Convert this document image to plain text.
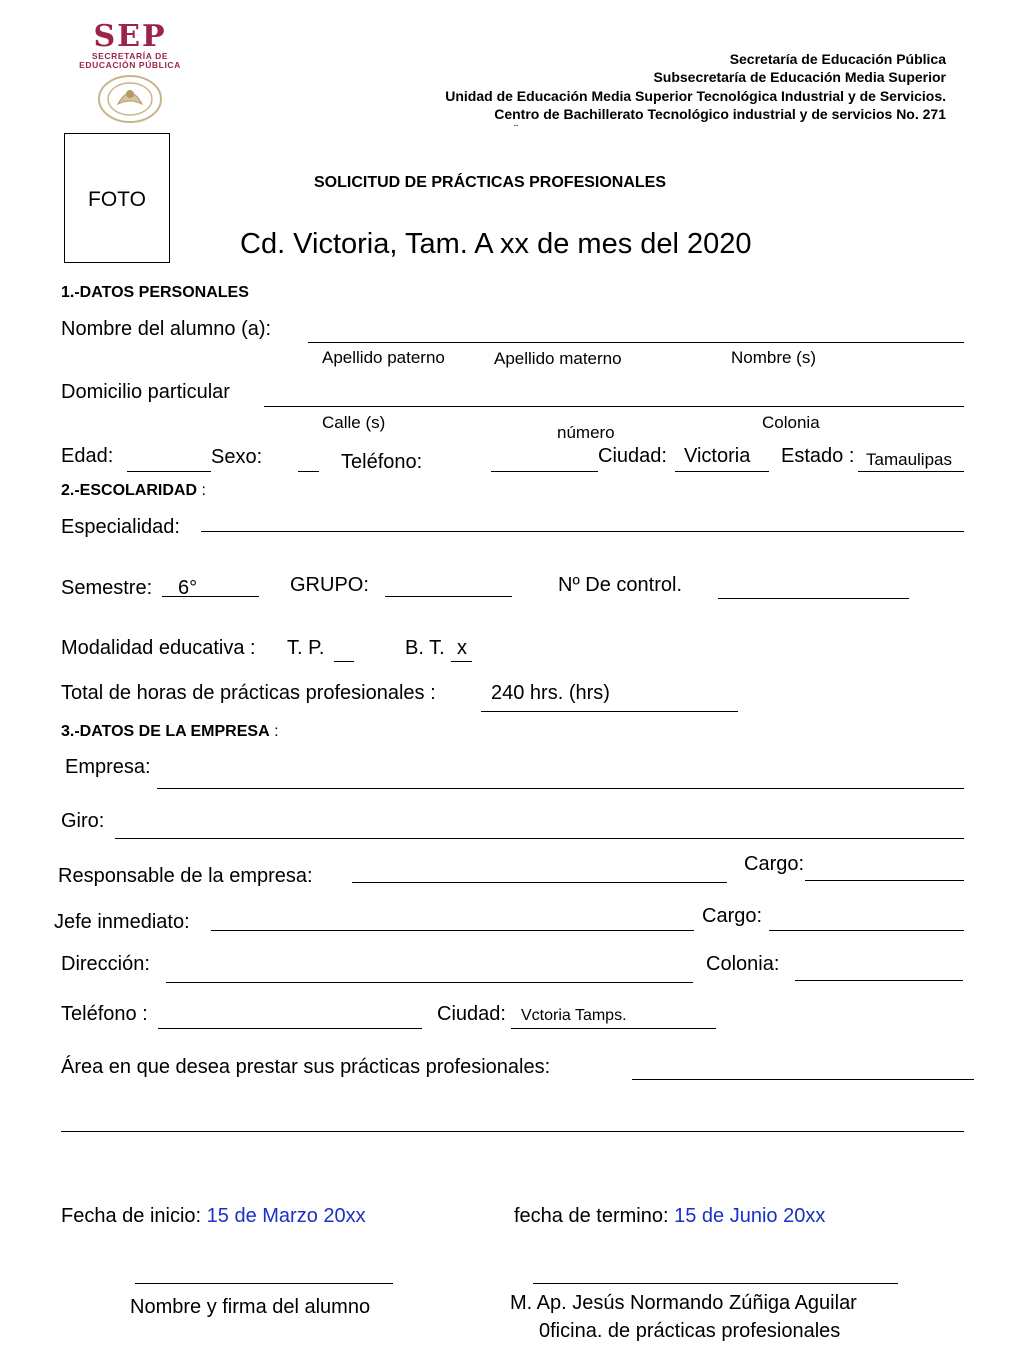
SEP
SECRETARÍA DE
EDUCACIÓN PÚBLICA	Secretaría de Educación Pública
Subsecretaría de Educación Media Superior
Unidad de Educación Media Superior Tecnológica Industrial y de Servicios.
Centro de Bachillerato Tecnológico industrial y de servicios No. 271
¨
FOTO
SOLICITUD DE PRÁCTICAS PROFESIONALES
Cd. Victoria, Tam. A xx de mes del 2020
1.-DATOS PERSONALES
Nombre del alumno (a):
Apellido paterno	Apellido materno	Nombre (s)
Domicilio particular
Calle (s)
número
Colonia
Edad:	Sexo:	Teléfono:	Ciudad: Victoria Estado : Tamaulipas
2.-ESCOLARIDAD :
Especialidad:
Semestre: 6°	GRUPO:	Nº De control.
Modalidad educativa : T. P.	B. T. x
Total de horas de prácticas profesionales :	240 hrs. (hrs)
3.-DATOS DE LA EMPRESA :
Empresa:
Giro:
Responsable de la empresa:
Cargo:
Jefe inmediato:	Cargo:
Dirección:	Colonia:
Teléfono :	Ciudad: Vctoria Tamps.
Área en que desea prestar sus prácticas profesionales:
Fecha de inicio: 15 de Marzo 20xx	fecha de termino: 15 de Junio 20xx
Nombre y firma del alumno	M. Ap. Jesús Normando Zúñiga Aguilar
0ficina. de prácticas profesionales
